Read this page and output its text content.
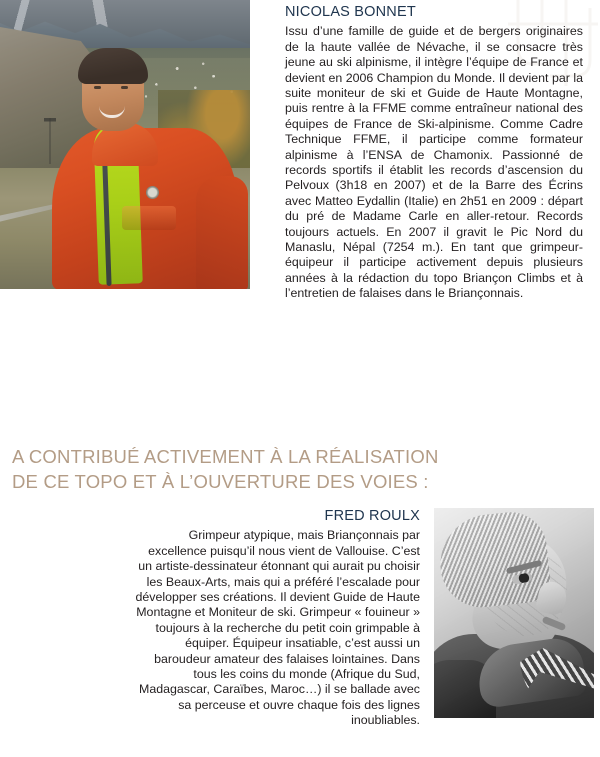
NICOLAS BONNET

Issu d’une famille de guide et de bergers originaires de la haute vallée de Névache, il se consacre très jeune au ski alpinisme, il intègre l’équipe de France et devient en 2006 Champion du Monde. Il devient par la suite moniteur de ski et Guide de Haute Montagne, puis rentre à la FFME comme entraîneur national des équipes de France de Ski-alpinisme. Comme Cadre Technique FFME, il participe comme formateur alpinisme à l’ENSA de Chamonix. Passionné de records sportifs il établit les records d’ascension du Pelvoux (3h18 en 2007) et de la Barre des Écrins avec Matteo Eydallin (Italie) en 2h51 en 2009 : départ du pré de Madame Carle en aller-retour. Records toujours actuels. En 2007 il gravit le Pic Nord du Manaslu, Népal (7254 m.). En tant que grimpeur-équipeur il participe activement depuis plusieurs années à la rédaction du topo Briançon Climbs et à l’entretien de falaises dans le Briançonnais.

A CONTRIBUÉ ACTIVEMENT À LA RÉALISATION
DE CE TOPO ET À L’OUVERTURE DES VOIES :
FRED ROULX

Grimpeur atypique, mais Briançonnais par excellence puisqu’il nous vient de Vallouise. C’est un artiste-dessinateur étonnant qui aurait pu choisir les Beaux-Arts, mais qui a préféré l’escalade pour développer ses créations. Il devient Guide de Haute Montagne et Moniteur de ski. Grimpeur « fouineur » toujours à la recherche du petit coin grimpable à équiper. Équipeur insatiable, c’est aussi un baroudeur amateur des falaises lointaines. Dans tous les coins du monde (Afrique du Sud, Madagascar, Caraïbes, Maroc…) il se ballade avec sa perceuse et ouvre chaque fois des lignes inoubliables.
